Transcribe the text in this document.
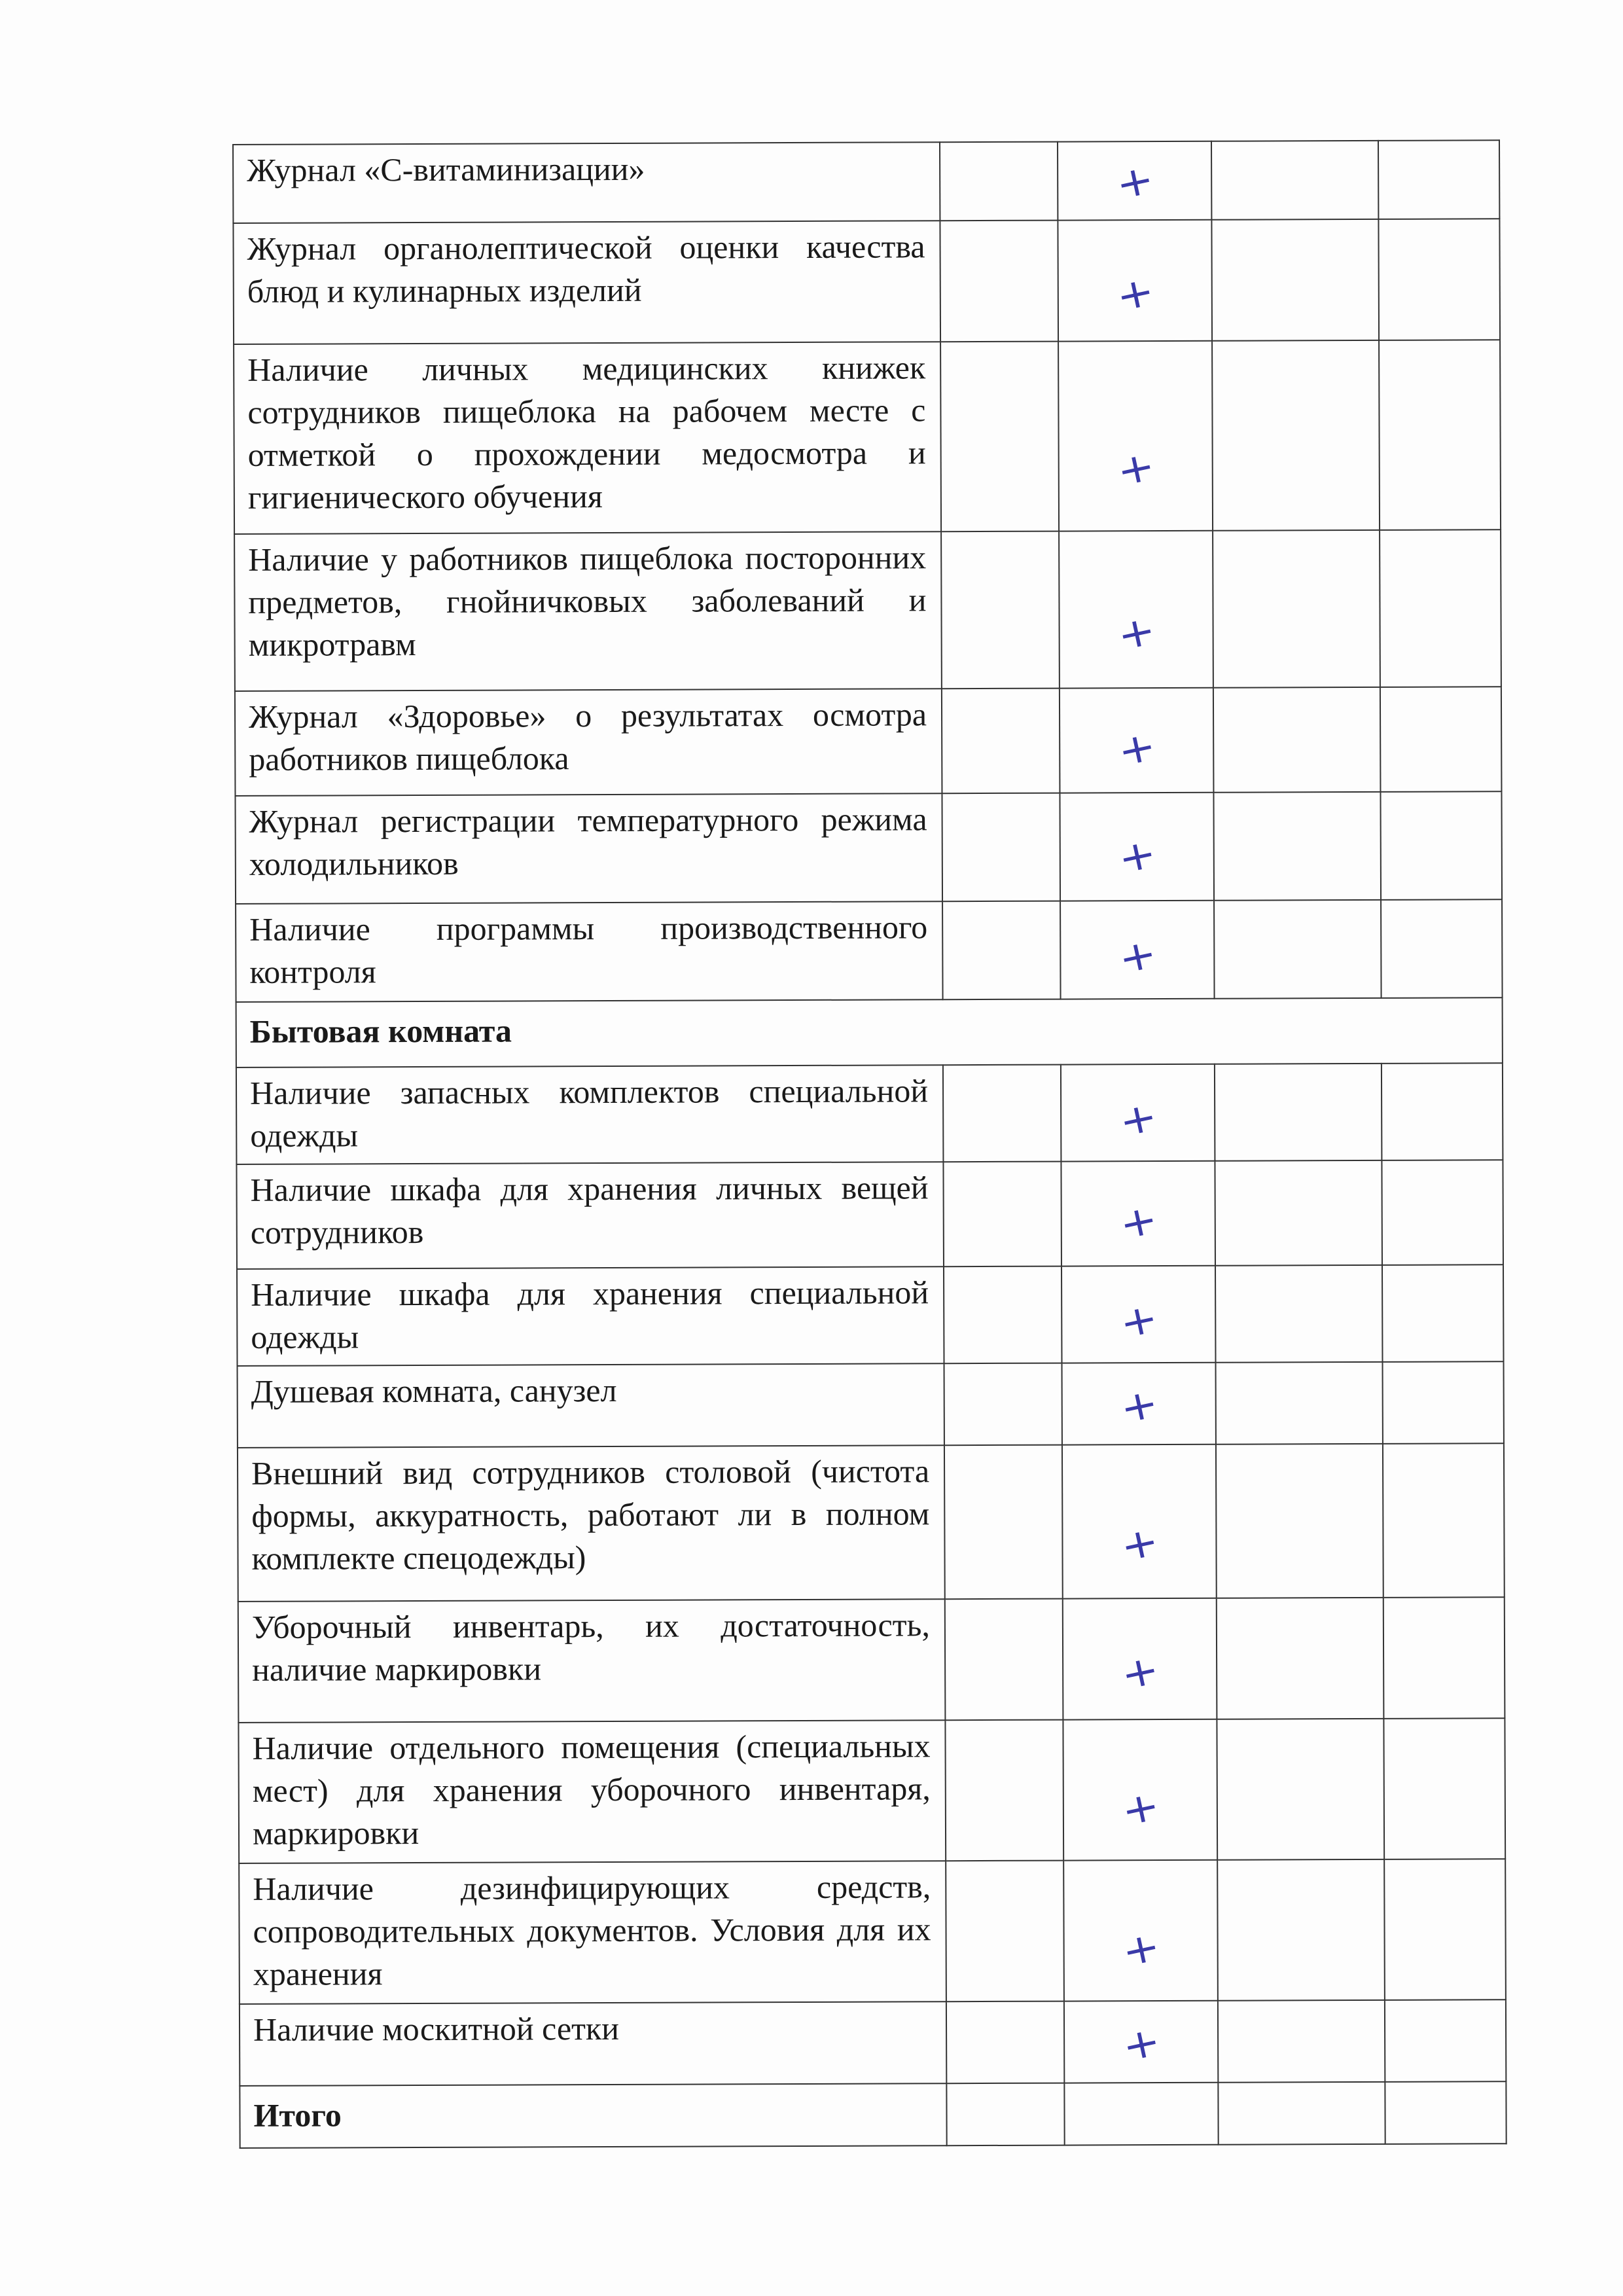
Журнал «С-витаминизации»		+		

Журнал органолептической оценки качества блюд и кулинарных изделий		+		

Наличие личных медицинских книжек сотрудников пищеблока на рабочем месте с отметкой о прохождении медосмотра и гигиенического обучения		+		

Наличие у работников пищеблока посторонних предметов, гнойничковых заболеваний и микротравм		+		

Журнал «Здоровье» о результатах осмотра работников пищеблока		+		

Журнал регистрации температурного режима холодильников		+		

Наличие программы производственного контроля		+		

Бытовая комната				

Наличие запасных комплектов специальной одежды		+		

Наличие шкафа для хранения личных вещей сотрудников		+		

Наличие шкафа для хранения специальной одежды		+		

Душевая комната, санузел		+		

Внешний вид сотрудников столовой (чистота формы, аккуратность, работают ли в полном комплекте спецодежды)		+		

Уборочный инвентарь, их достаточность, наличие маркировки		+		

Наличие отдельного помещения (специальных мест) для хранения уборочного инвентаря, маркировки		+		

Наличие дезинфицирующих средств, сопроводительных документов. Условия для их хранения		+		

Наличие москитной сетки		+		

Итого				
